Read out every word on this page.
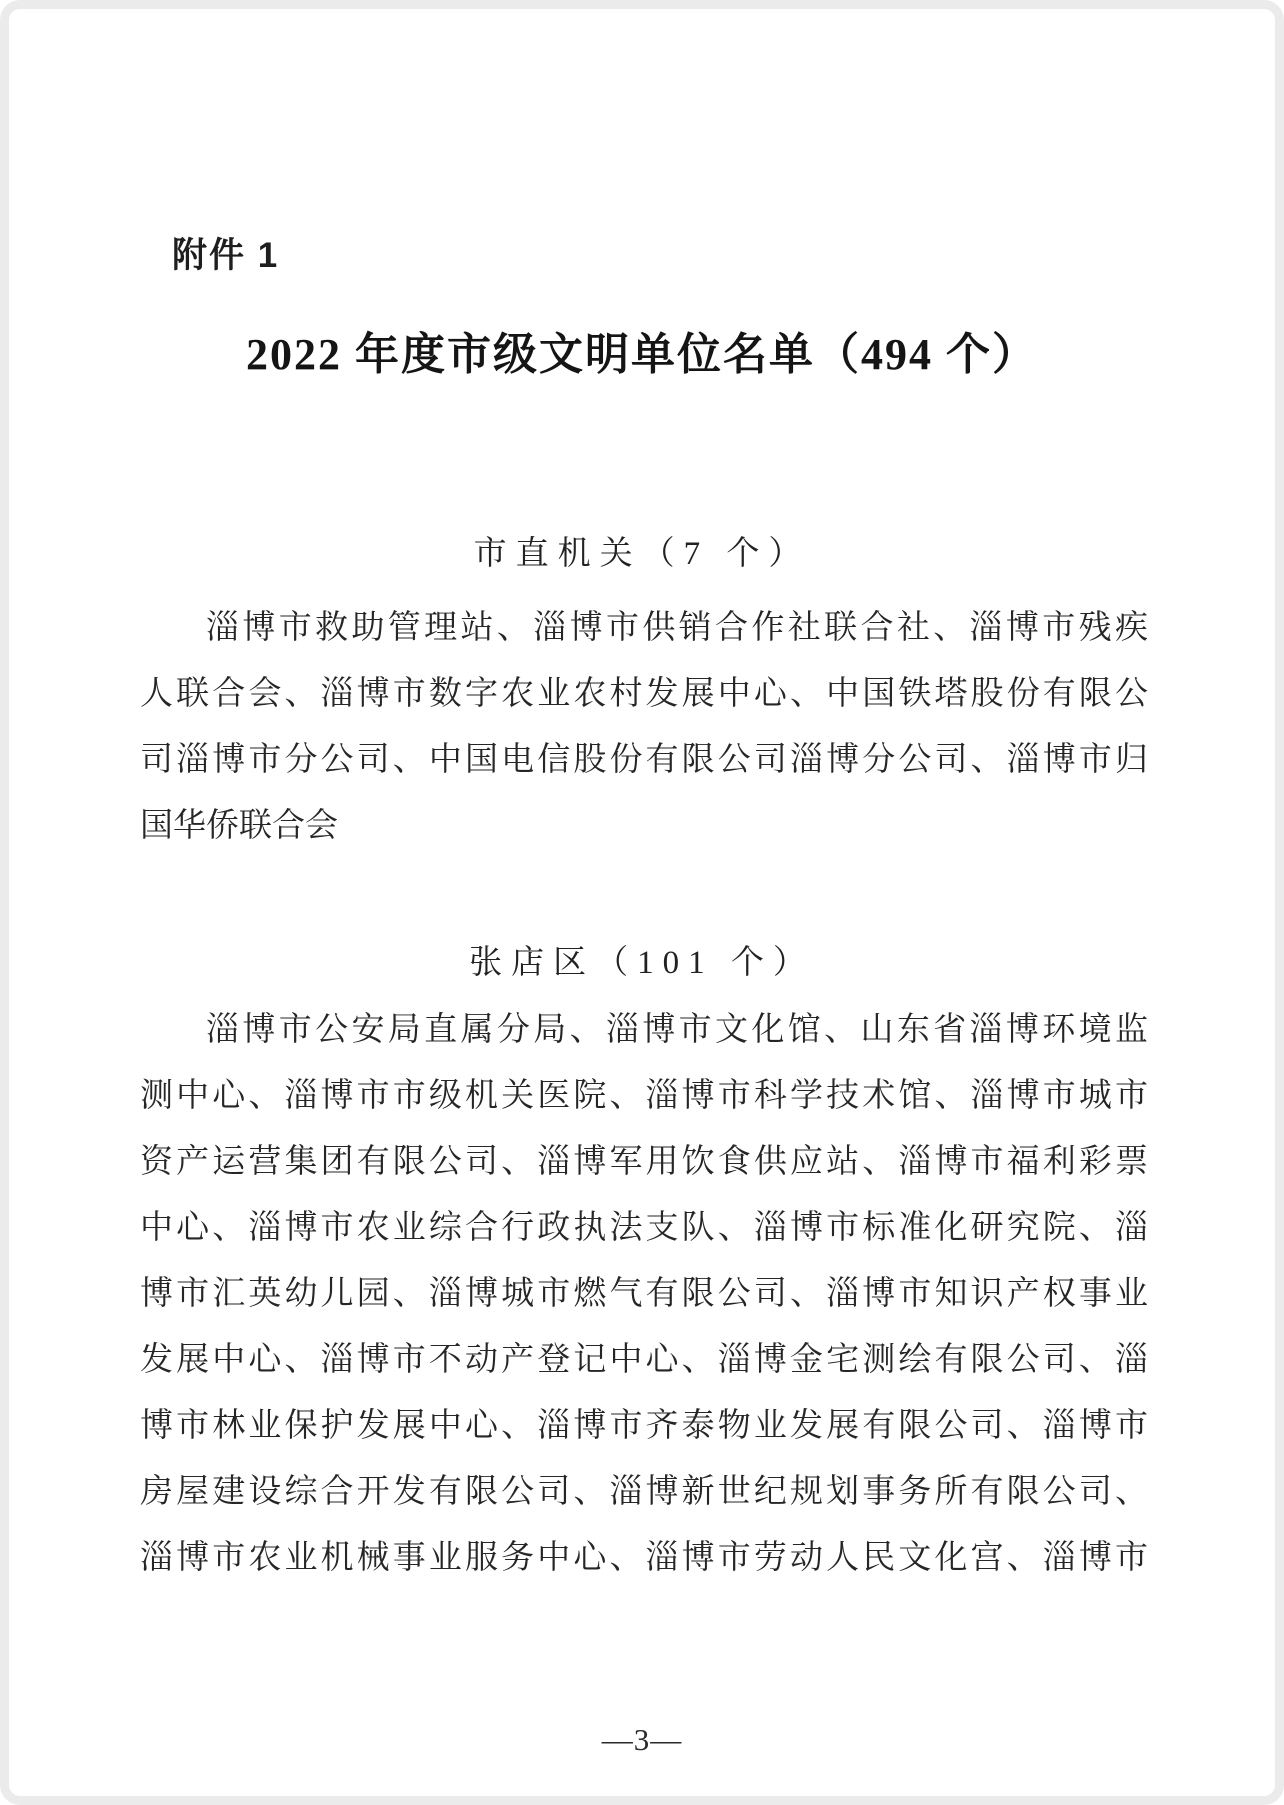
附件 1
2022 年度市级文明单位名单（494 个）
市直机关（7 个）
淄博市救助管理站、淄博市供销合作社联合社、淄博市残疾
人联合会、淄博市数字农业农村发展中心、中国铁塔股份有限公
司淄博市分公司、中国电信股份有限公司淄博分公司、淄博市归
国华侨联合会
张店区（101 个）
淄博市公安局直属分局、淄博市文化馆、山东省淄博环境监
测中心、淄博市市级机关医院、淄博市科学技术馆、淄博市城市
资产运营集团有限公司、淄博军用饮食供应站、淄博市福利彩票
中心、淄博市农业综合行政执法支队、淄博市标准化研究院、淄
博市汇英幼儿园、淄博城市燃气有限公司、淄博市知识产权事业
发展中心、淄博市不动产登记中心、淄博金宅测绘有限公司、淄
博市林业保护发展中心、淄博市齐泰物业发展有限公司、淄博市
房屋建设综合开发有限公司、淄博新世纪规划事务所有限公司、
淄博市农业机械事业服务中心、淄博市劳动人民文化宫、淄博市
—3—
